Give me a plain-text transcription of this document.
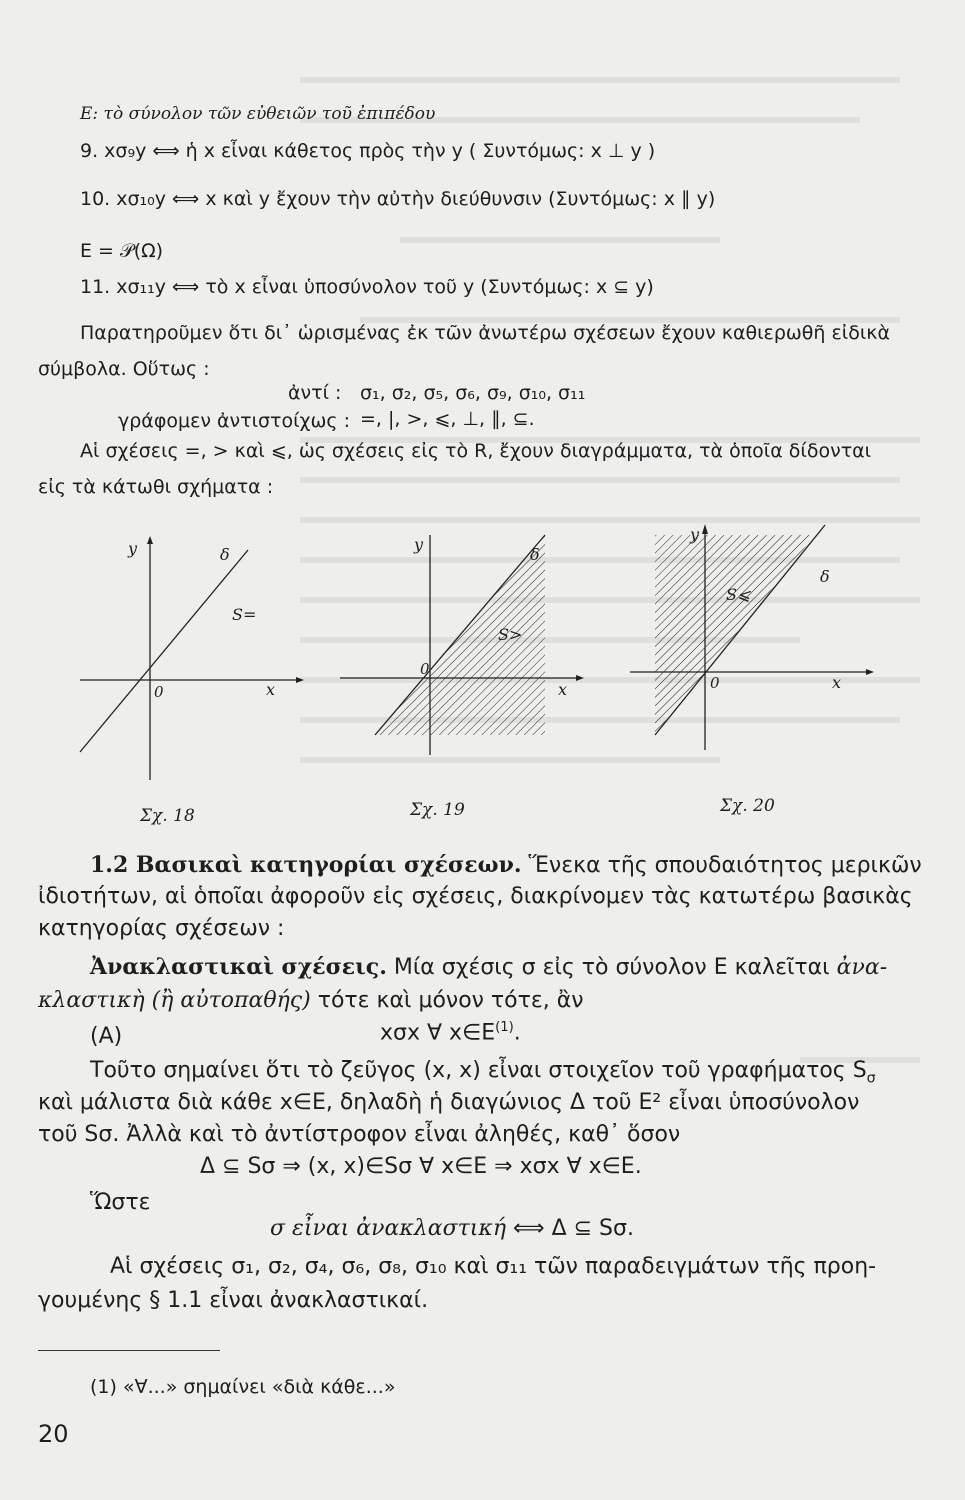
Ε: τὸ σύνολον τῶν εὐθειῶν τοῦ ἐπιπέδου
9. xσ₉y ⟺ ἡ x εἶναι κάθετος πρὸς τὴν y ( Συντόμως: x ⊥ y )
10. xσ₁₀y ⟺ x καὶ y ἔχουν τὴν αὐτὴν διεύθυνσιν (Συντόμως: x ∥ y)
Ε = 𝒫(Ω)
11. xσ₁₁y ⟺ τὸ x εἶναι ὑποσύνολον τοῦ y (Συντόμως: x ⊆ y)
Παρατηροῦμεν ὅτι δι᾽ ὡρισμένας ἐκ τῶν ἀνωτέρω σχέσεων ἔχουν καθιερωθῆ εἰδικὰ
σύμβολα. Οὕτως :
ἀντί : σ₁, σ₂, σ₅, σ₆, σ₉, σ₁₀, σ₁₁
γράφομεν ἀντιστοίχως : =, |, >, ⩽, ⊥, ∥, ⊆.
Αἱ σχέσεις =, > καὶ ⩽, ὡς σχέσεις εἰς τὸ R, ἔχουν διαγράμματα, τὰ ὁποῖα δίδονται
εἰς τὰ κάτωθι σχήματα :
y
x
0
δ
S=
y
x
0
δ
S>
y
x
0
δ
S⩽
Σχ. 18	Σχ. 19	Σχ. 20
1.2 Βασικαὶ κατηγορίαι σχέσεων. Ἕνεκα τῆς σπουδαιότητος μερικῶν
ἰδιοτήτων, αἱ ὁποῖαι ἀφοροῦν εἰς σχέσεις, διακρίνομεν τὰς κατωτέρω βασικὰς
κατηγορίας σχέσεων :
Ἀνακλαστικαὶ σχέσεις. Μία σχέσις σ εἰς τὸ σύνολον Ε καλεῖται ἀνα-
κλαστικὴ (ἢ αὐτοπαθής) τότε καὶ μόνον τότε, ἂν
(Α)	xσx ∀ $x\in E^{(1)}$.
Τοῦτο σημαίνει ὅτι τὸ ζεῦγος (x, x) εἶναι στοιχεῖον τοῦ γραφήματος $S_\sigma$
καὶ μάλιστα διὰ κάθε x∈E, δηλαδὴ ἡ διαγώνιος Δ τοῦ E² εἶναι ὑποσύνολον
τοῦ Sσ. Ἀλλὰ καὶ τὸ ἀντίστροφον εἶναι ἀληθές, καθ᾽ ὅσον
Δ ⊆ Sσ ⇒ (x, x)∈Sσ ∀ x∈E ⇒ xσx ∀ x∈E.
Ὥστε
σ εἶναι ἀνακλαστική ⟺ Δ ⊆ Sσ.
Αἱ σχέσεις σ₁, σ₂, σ₄, σ₆, σ₈, σ₁₀ καὶ σ₁₁ τῶν παραδειγμάτων τῆς προη-
γουμένης § 1.1 εἶναι ἀνακλαστικαί.
(1) «∀...» σημαίνει «διὰ κάθε...»
20
